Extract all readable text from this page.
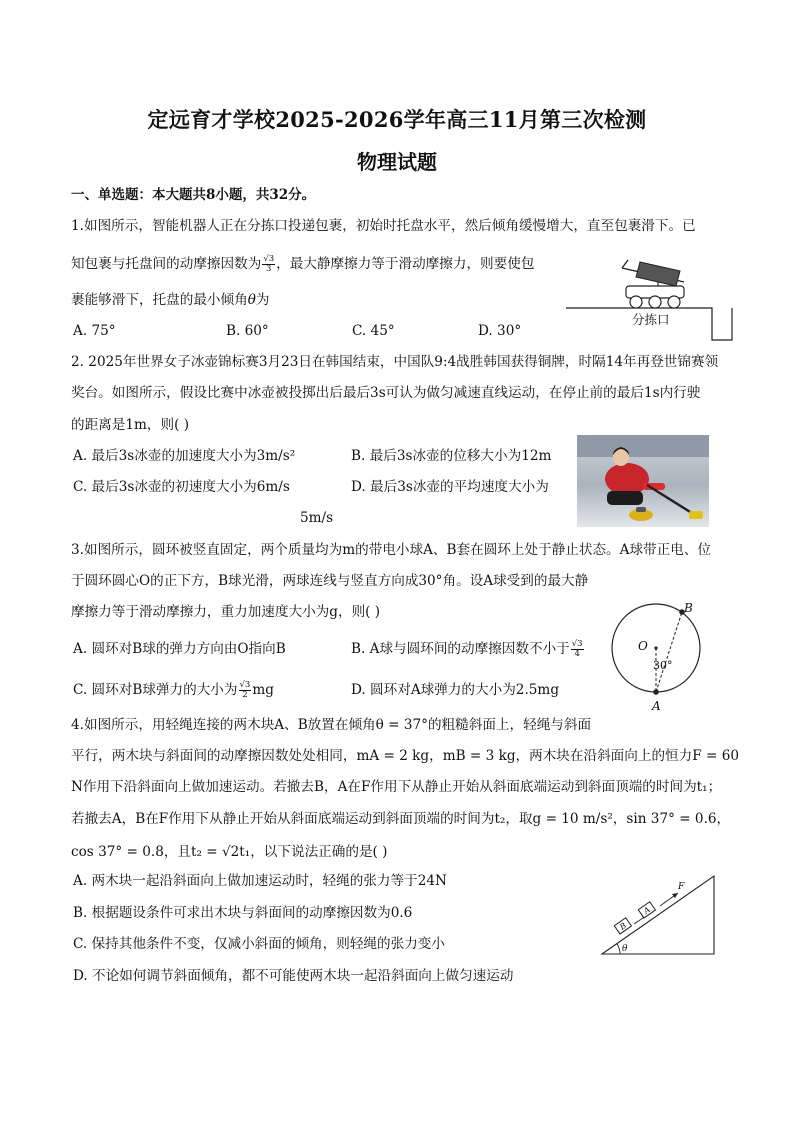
定远育才学校2025-2026学年高三11月第三次检测
物理试题
一、单选题：本大题共8小题，共32分。
1.如图所示，智能机器人正在分拣口投递包裹，初始时托盘水平，然后倾角缓慢增大，直至包裹滑下。已
知包裹与托盘间的动摩擦因数为 $\frac{√3}{3}$ ，最大静摩擦力等于滑动摩擦力，则要使包
裹能够滑下，托盘的最小倾角θ为
A. 75°	B. 60°	C. 45°	D. 30°
分拣口
2. 2025年世界女子冰壶锦标赛3月23日在韩国结束，中国队9:4战胜韩国获得铜牌，时隔14年再登世锦赛领
奖台。如图所示，假设比赛中冰壶被投掷出后最后3s可认为做匀减速直线运动，在停止前的最后1s内行驶
的距离是1m，则( )
A. 最后3s冰壶的加速度大小为3m/s²	B. 最后3s冰壶的位移大小为12m
C. 最后3s冰壶的初速度大小为6m/s	D. 最后3s冰壶的平均速度大小为
5m/s
3.如图所示，圆环被竖直固定，两个质量均为m的带电小球A、B套在圆环上处于静止状态。A球带正电、位
于圆环圆心O的正下方，B球光滑，两球连线与竖直方向成30°角。设A球受到的最大静
摩擦力等于滑动摩擦力，重力加速度大小为g，则( )
A. 圆环对B球的弹力方向由O指向B	B. A球与圆环间的动摩擦因数不小于 $\frac{√3}{4}$
C. 圆环对B球弹力的大小为 $\frac{√3}{2}$ mg	D. 圆环对A球弹力的大小为2.5mg
B
O
A
30°
4.如图所示，用轻绳连接的两木块A、B放置在倾角θ = 37°的粗糙斜面上，轻绳与斜面
平行，两木块与斜面间的动摩擦因数处处相同，mA = 2 kg，mB = 3 kg，两木块在沿斜面向上的恒力F = 60
N作用下沿斜面向上做加速运动。若撤去B，A在F作用下从静止开始从斜面底端运动到斜面顶端的时间为t₁；
若撤去A，B在F作用下从静止开始从斜面底端运动到斜面顶端的时间为t₂，取g = 10 m/s²，sin 37° = 0.6，
cos 37° = 0.8，且t₂ = √2t₁，以下说法正确的是( )
A. 两木块一起沿斜面向上做加速运动时，轻绳的张力等于24N
B. 根据题设条件可求出木块与斜面间的动摩擦因数为0.6
C. 保持其他条件不变，仅减小斜面的倾角，则轻绳的张力变小
D. 不论如何调节斜面倾角，都不可能使两木块一起沿斜面向上做匀速运动
θ
B
A
F
